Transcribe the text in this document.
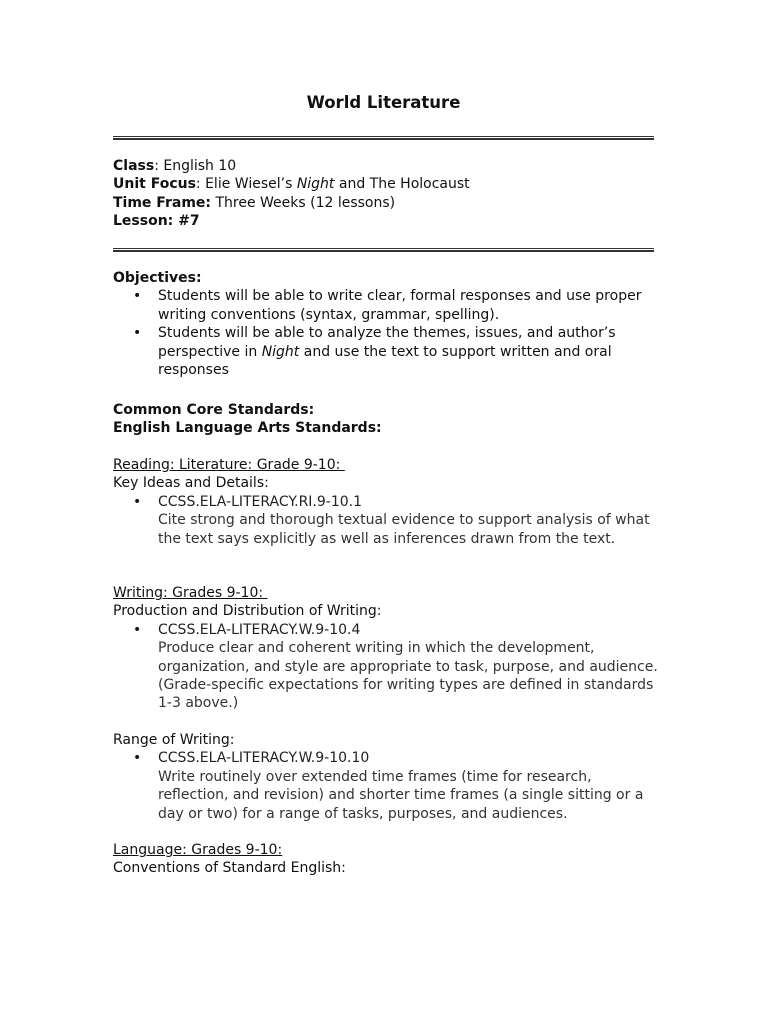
World Literature
Class: English 10
Unit Focus: Elie Wiesel’s Night and The Holocaust
Time Frame: Three Weeks (12 lessons)
Lesson: #7
Objectives:
• Students will be able to write clear, formal responses and use proper writing conventions (syntax, grammar, spelling).
• Students will be able to analyze the themes, issues, and author’s perspective in Night and use the text to support written and oral responses
Common Core Standards:
English Language Arts Standards:
Reading: Literature: Grade 9-10:
Key Ideas and Details:
• CCSS.ELA-LITERACY.RI.9-10.1
Cite strong and thorough textual evidence to support analysis of what the text says explicitly as well as inferences drawn from the text.
Writing: Grades 9-10:
Production and Distribution of Writing:
• CCSS.ELA-LITERACY.W.9-10.4
Produce clear and coherent writing in which the development, organization, and style are appropriate to task, purpose, and audience. (Grade-specific expectations for writing types are defined in standards 1-3 above.)
Range of Writing:
• CCSS.ELA-LITERACY.W.9-10.10
Write routinely over extended time frames (time for research, reflection, and revision) and shorter time frames (a single sitting or a day or two) for a range of tasks, purposes, and audiences.
Language: Grades 9-10:
Conventions of Standard English:
